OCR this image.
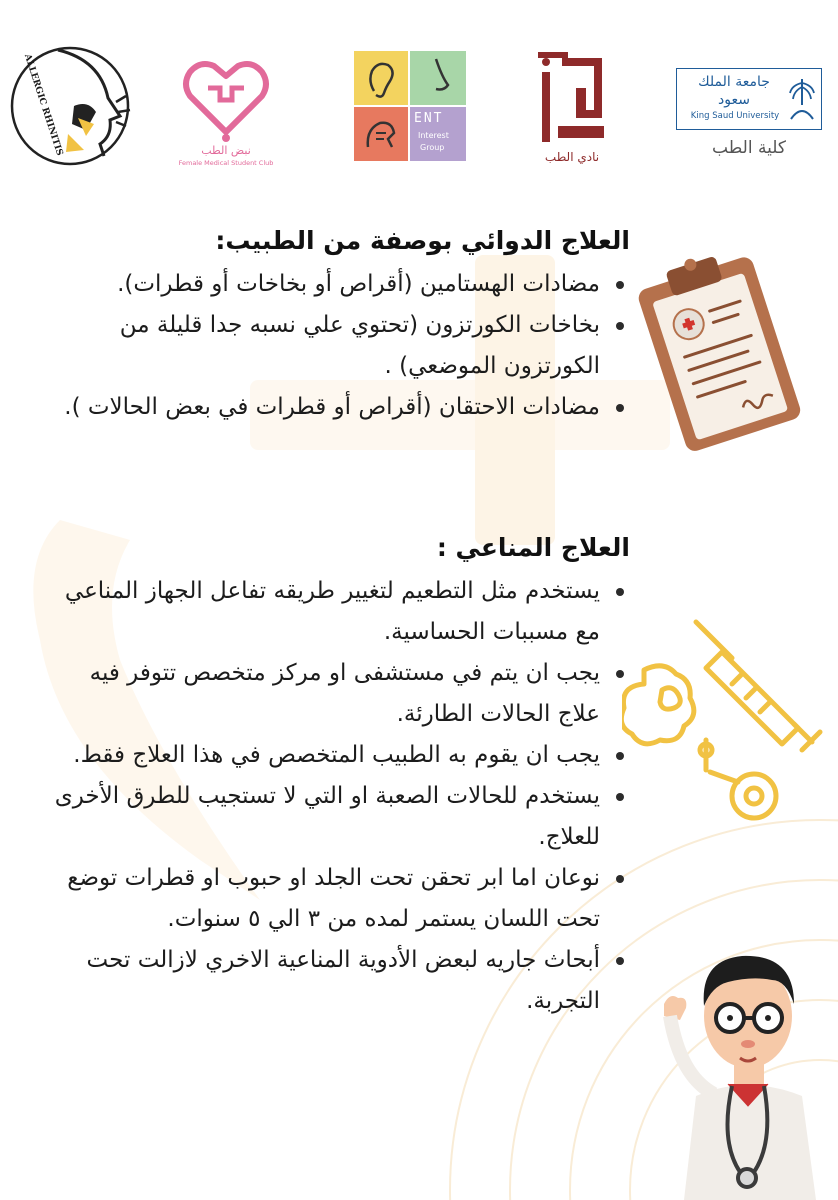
ALLERGIC RHINITIS	نبض الطب
Female Medical Student Club
ENT
Interest
Group
نادي الطب
جامعة الملك سعود
King Saud University
كلية الطب
العلاج الدوائي بوصفة من الطبيب:
مضادات الهستامين (أقراص أو بخاخات أو قطرات).
بخاخات الكورتزون (تحتوي علي نسبه جدا قليلة من الكورتزون الموضعي) .
مضادات الاحتقان (أقراص أو قطرات في بعض الحالات ).
العلاج المناعي :
يستخدم مثل التطعيم لتغيير طريقه تفاعل الجهاز المناعي مع مسببات الحساسية.
يجب ان يتم في مستشفى او مركز متخصص تتوفر فيه علاج الحالات الطارئة.
يجب ان يقوم به الطبيب المتخصص في هذا العلاج فقط.
يستخدم للحالات الصعبة او التي لا تستجيب للطرق الأخرى للعلاج.
نوعان اما ابر تحقن تحت الجلد او حبوب او قطرات توضع تحت اللسان يستمر لمده من ٣ الي ٥ سنوات.
أبحاث جاريه لبعض الأدوية المناعية الاخري لازالت تحت التجربة.
